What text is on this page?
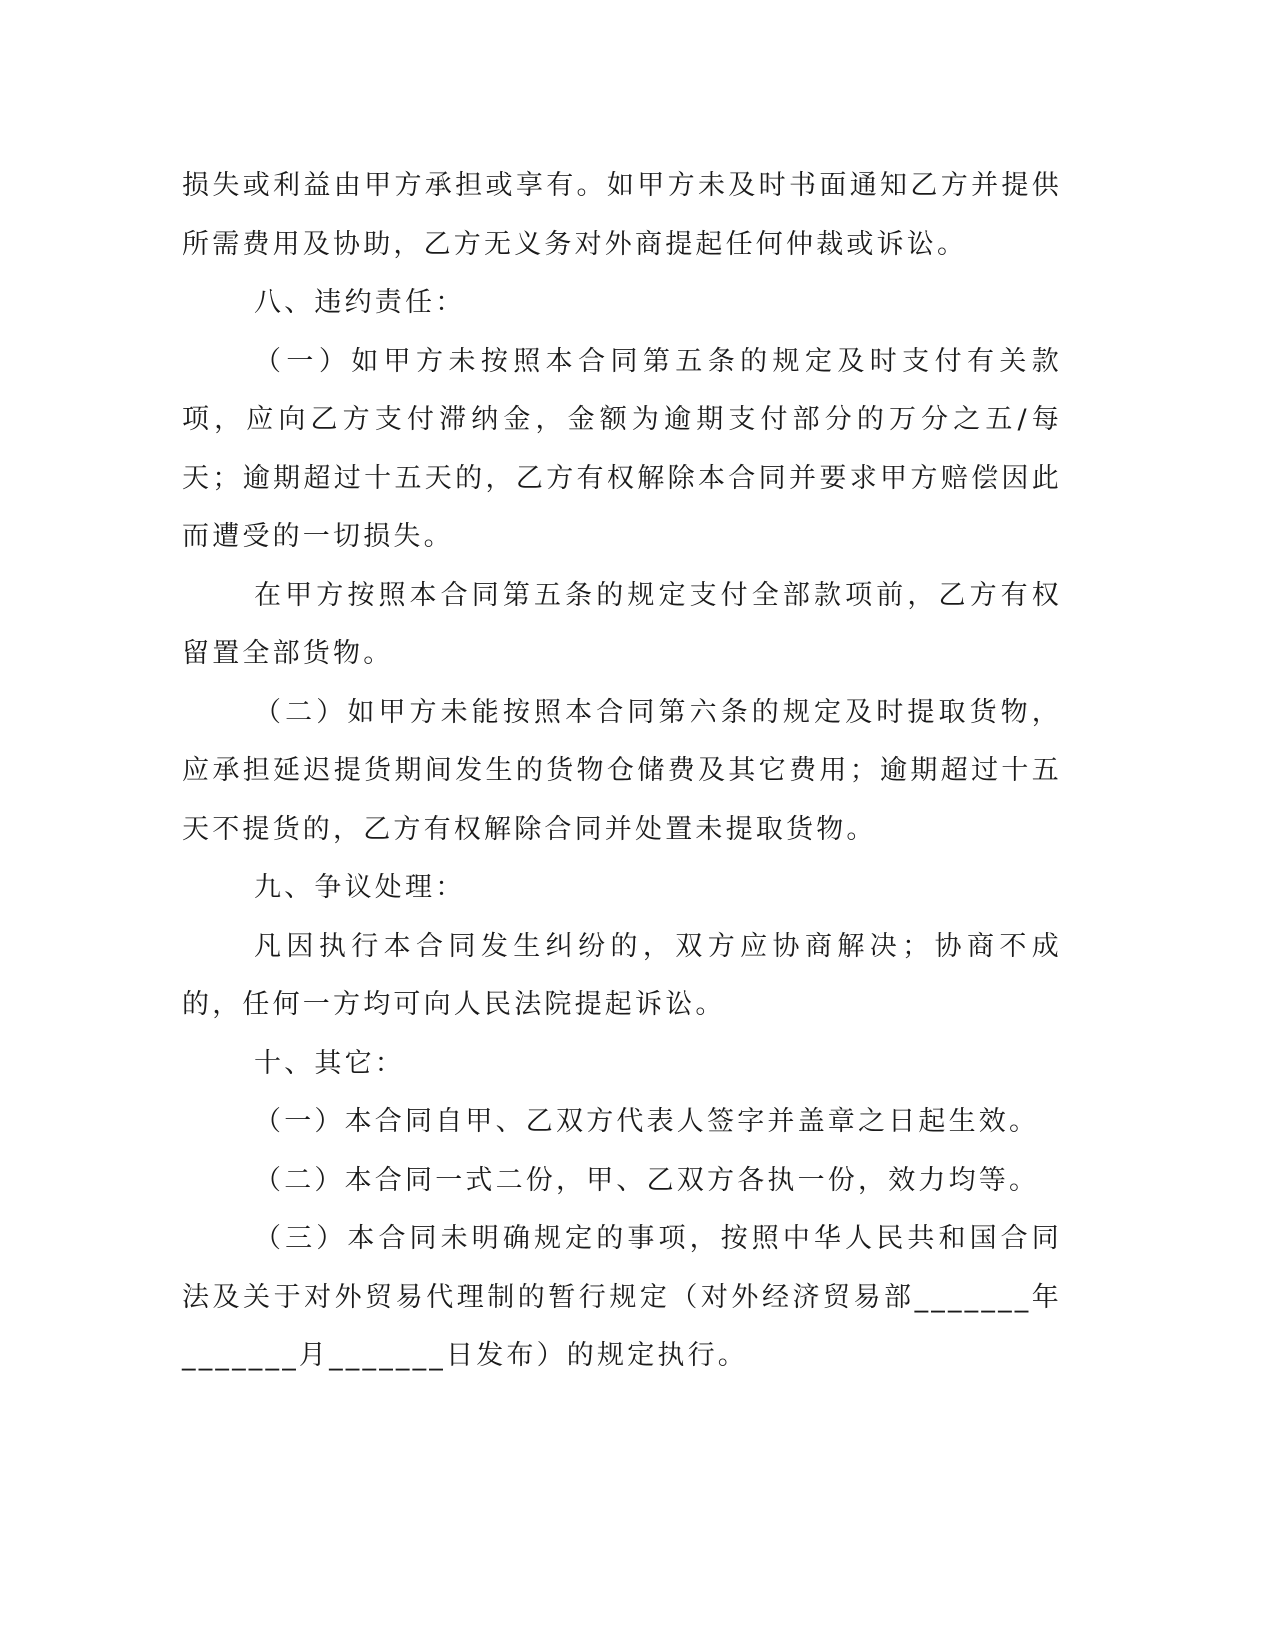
损失或利益由甲方承担或享有。如甲方未及时书面通知乙方并提供所需费用及协助，乙方无义务对外商提起任何仲裁或诉讼。

八、违约责任：

（一）如甲方未按照本合同第五条的规定及时支付有关款项，应向乙方支付滞纳金，金额为逾期支付部分的万分之五/每天；逾期超过十五天的，乙方有权解除本合同并要求甲方赔偿因此而遭受的一切损失。

在甲方按照本合同第五条的规定支付全部款项前，乙方有权留置全部货物。

（二）如甲方未能按照本合同第六条的规定及时提取货物，应承担延迟提货期间发生的货物仓储费及其它费用；逾期超过十五天不提货的，乙方有权解除合同并处置未提取货物。

九、争议处理：

凡因执行本合同发生纠纷的，双方应协商解决；协商不成的，任何一方均可向人民法院提起诉讼。

十、其它：

（一）本合同自甲、乙双方代表人签字并盖章之日起生效。

（二）本合同一式二份，甲、乙双方各执一份，效力均等。

（三）本合同未明确规定的事项，按照中华人民共和国合同法及关于对外贸易代理制的暂行规定（对外经济贸易部_______年_______月_______日发布）的规定执行。
